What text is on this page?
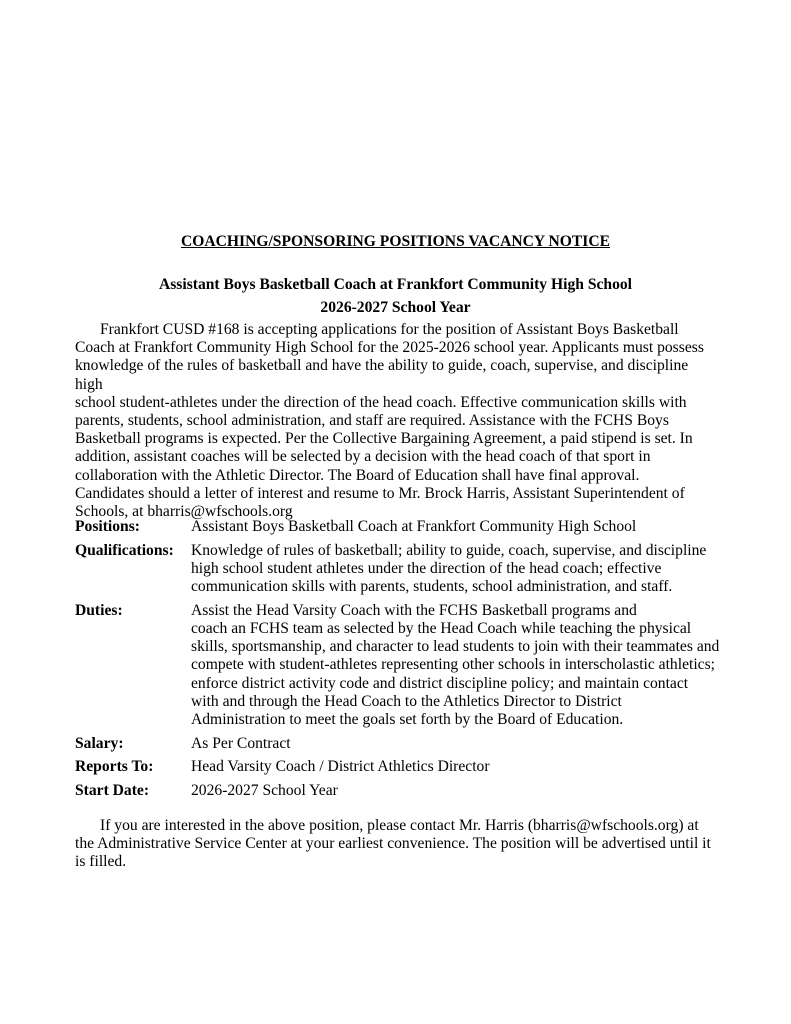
COACHING/SPONSORING POSITIONS VACANCY NOTICE
Assistant Boys Basketball Coach at Frankfort Community High School
2026-2027 School Year

Frankfort CUSD #168 is accepting applications for the position of Assistant Boys Basketball
Coach at Frankfort Community High School for the 2025-2026 school year. Applicants must possess
knowledge of the rules of basketball and have the ability to guide, coach, supervise, and discipline high
school student-athletes under the direction of the head coach. Effective communication skills with
parents, students, school administration, and staff are required. Assistance with the FCHS Boys
Basketball programs is expected. Per the Collective Bargaining Agreement, a paid stipend is set. In
addition, assistant coaches will be selected by a decision with the head coach of that sport in
collaboration with the Athletic Director. The Board of Education shall have final approval.
Candidates should a letter of interest and resume to Mr. Brock Harris, Assistant Superintendent of
Schools, at bharris@wfschools.org

Positions:	Assistant Boys Basketball Coach at Frankfort Community High School
Qualifications:	Knowledge of rules of basketball; ability to guide, coach, supervise, and discipline
high school student athletes under the direction of the head coach; effective
communication skills with parents, students, school administration, and staff.
Duties:	Assist the Head Varsity Coach with the FCHS Basketball programs and
coach an FCHS team as selected by the Head Coach while teaching the physical
skills, sportsmanship, and character to lead students to join with their teammates and
compete with student-athletes representing other schools in interscholastic athletics;
enforce district activity code and district discipline policy; and maintain contact
with and through the Head Coach to the Athletics Director to District
Administration to meet the goals set forth by the Board of Education.
Salary:	As Per Contract
Reports To:	Head Varsity Coach / District Athletics Director
Start Date:	2026-2027 School Year

If you are interested in the above position, please contact Mr. Harris (bharris@wfschools.org) at
the Administrative Service Center at your earliest convenience. The position will be advertised until it
is filled.
